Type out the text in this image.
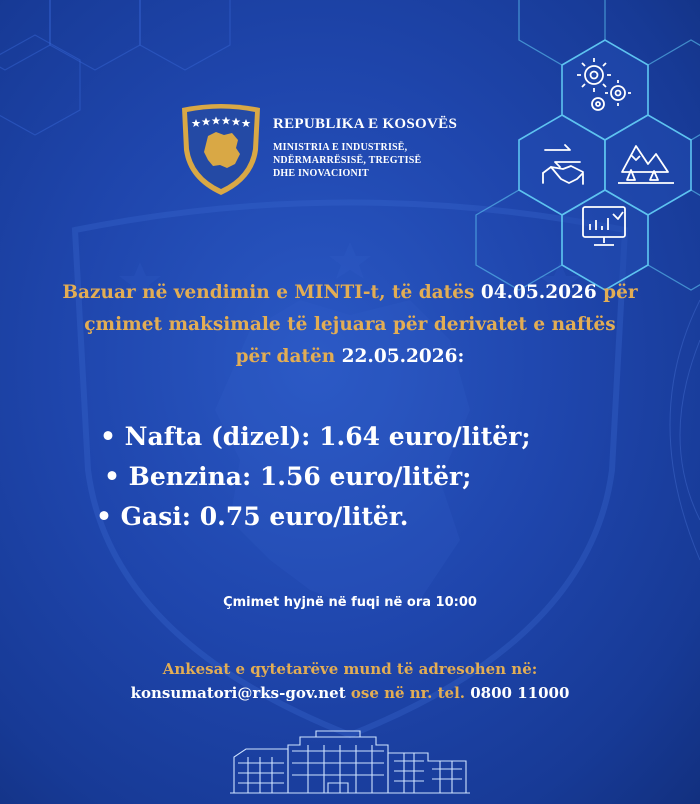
REPUBLIKA E KOSOVËS
MINISTRIA E INDUSTRISË,
NDËRMARRËSISË, TREGTISË
DHE INOVACIONIT
Bazuar në vendimin e MINTI-t, të datës 04.05.2026 për
çmimet maksimale të lejuara për derivatet e naftës
për datën 22.05.2026:
• Nafta (dizel): 1.64 euro/litër;
• Benzina: 1.56 euro/litër;
• Gasi: 0.75 euro/litër.
Çmimet hyjnë në fuqi në ora 10:00
Ankesat e qytetarëve mund të adresohen në:
konsumatori@rks-gov.net ose në nr. tel. 0800 11000
